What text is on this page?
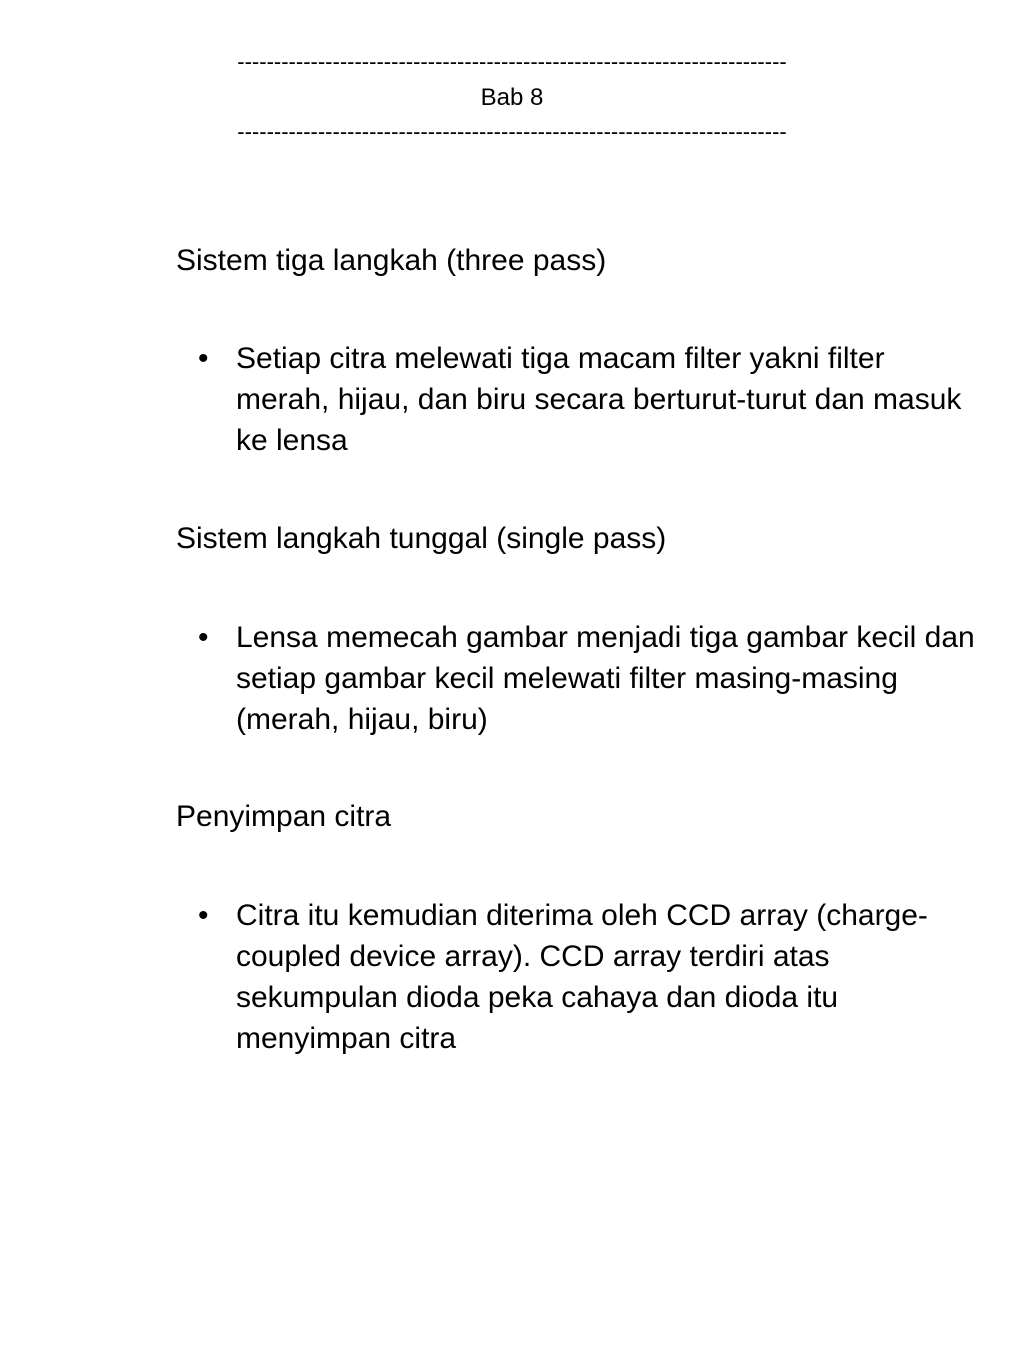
---------------------------------------------------------------------------
Bab 8
---------------------------------------------------------------------------
Sistem tiga langkah (three pass)
• Setiap citra melewati tiga macam filter yakni filter merah, hijau, dan biru secara berturut-turut dan masuk ke lensa
Sistem langkah tunggal (single pass)
• Lensa memecah gambar menjadi tiga gambar kecil dan setiap gambar kecil melewati filter masing-masing (merah, hijau, biru)
Penyimpan citra
• Citra itu kemudian diterima oleh CCD array (charge-coupled device array). CCD array terdiri atas sekumpulan dioda peka cahaya dan dioda itu menyimpan citra
